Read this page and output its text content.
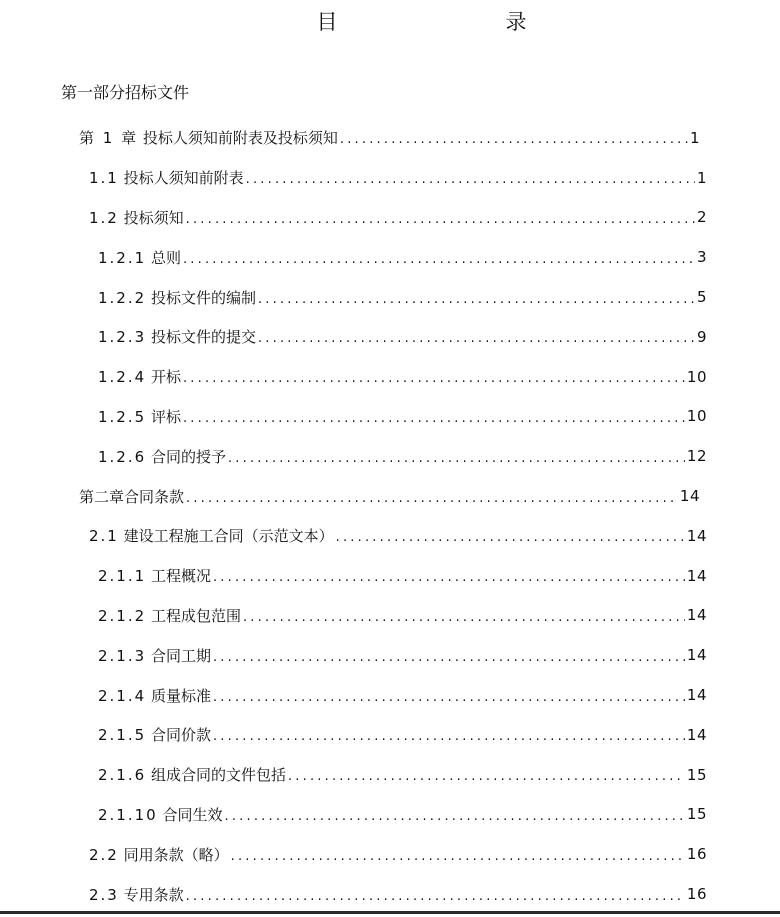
目　　录
第一部分招标文件
第 1 章 投标人须知前附表及投标须知 .....	1
1.1 投标人须知前附表 .....	1
1.2 投标须知 .....	2
1.2.1 总则 .....	3
1.2.2 投标文件的编制 .....	5
1.2.3 投标文件的提交 .....	9
1.2.4 开标 .....	10
1.2.5 评标 .....	10
1.2.6 合同的授予 .....	12
第二章合同条款 .....	14
2.1 建设工程施工合同（示范文本） .....	14
2.1.1 工程概况 .....	14
2.1.2 工程成包范围 .....	14
2.1.3 合同工期 .....	14
2.1.4 质量标准 .....	14
2.1.5 合同价款 .....	14
2.1.6 组成合同的文件包括 .....	15
2.1.10 合同生效 .....	15
2.2 同用条款（略） .....	16
2.3 专用条款 .....	16
